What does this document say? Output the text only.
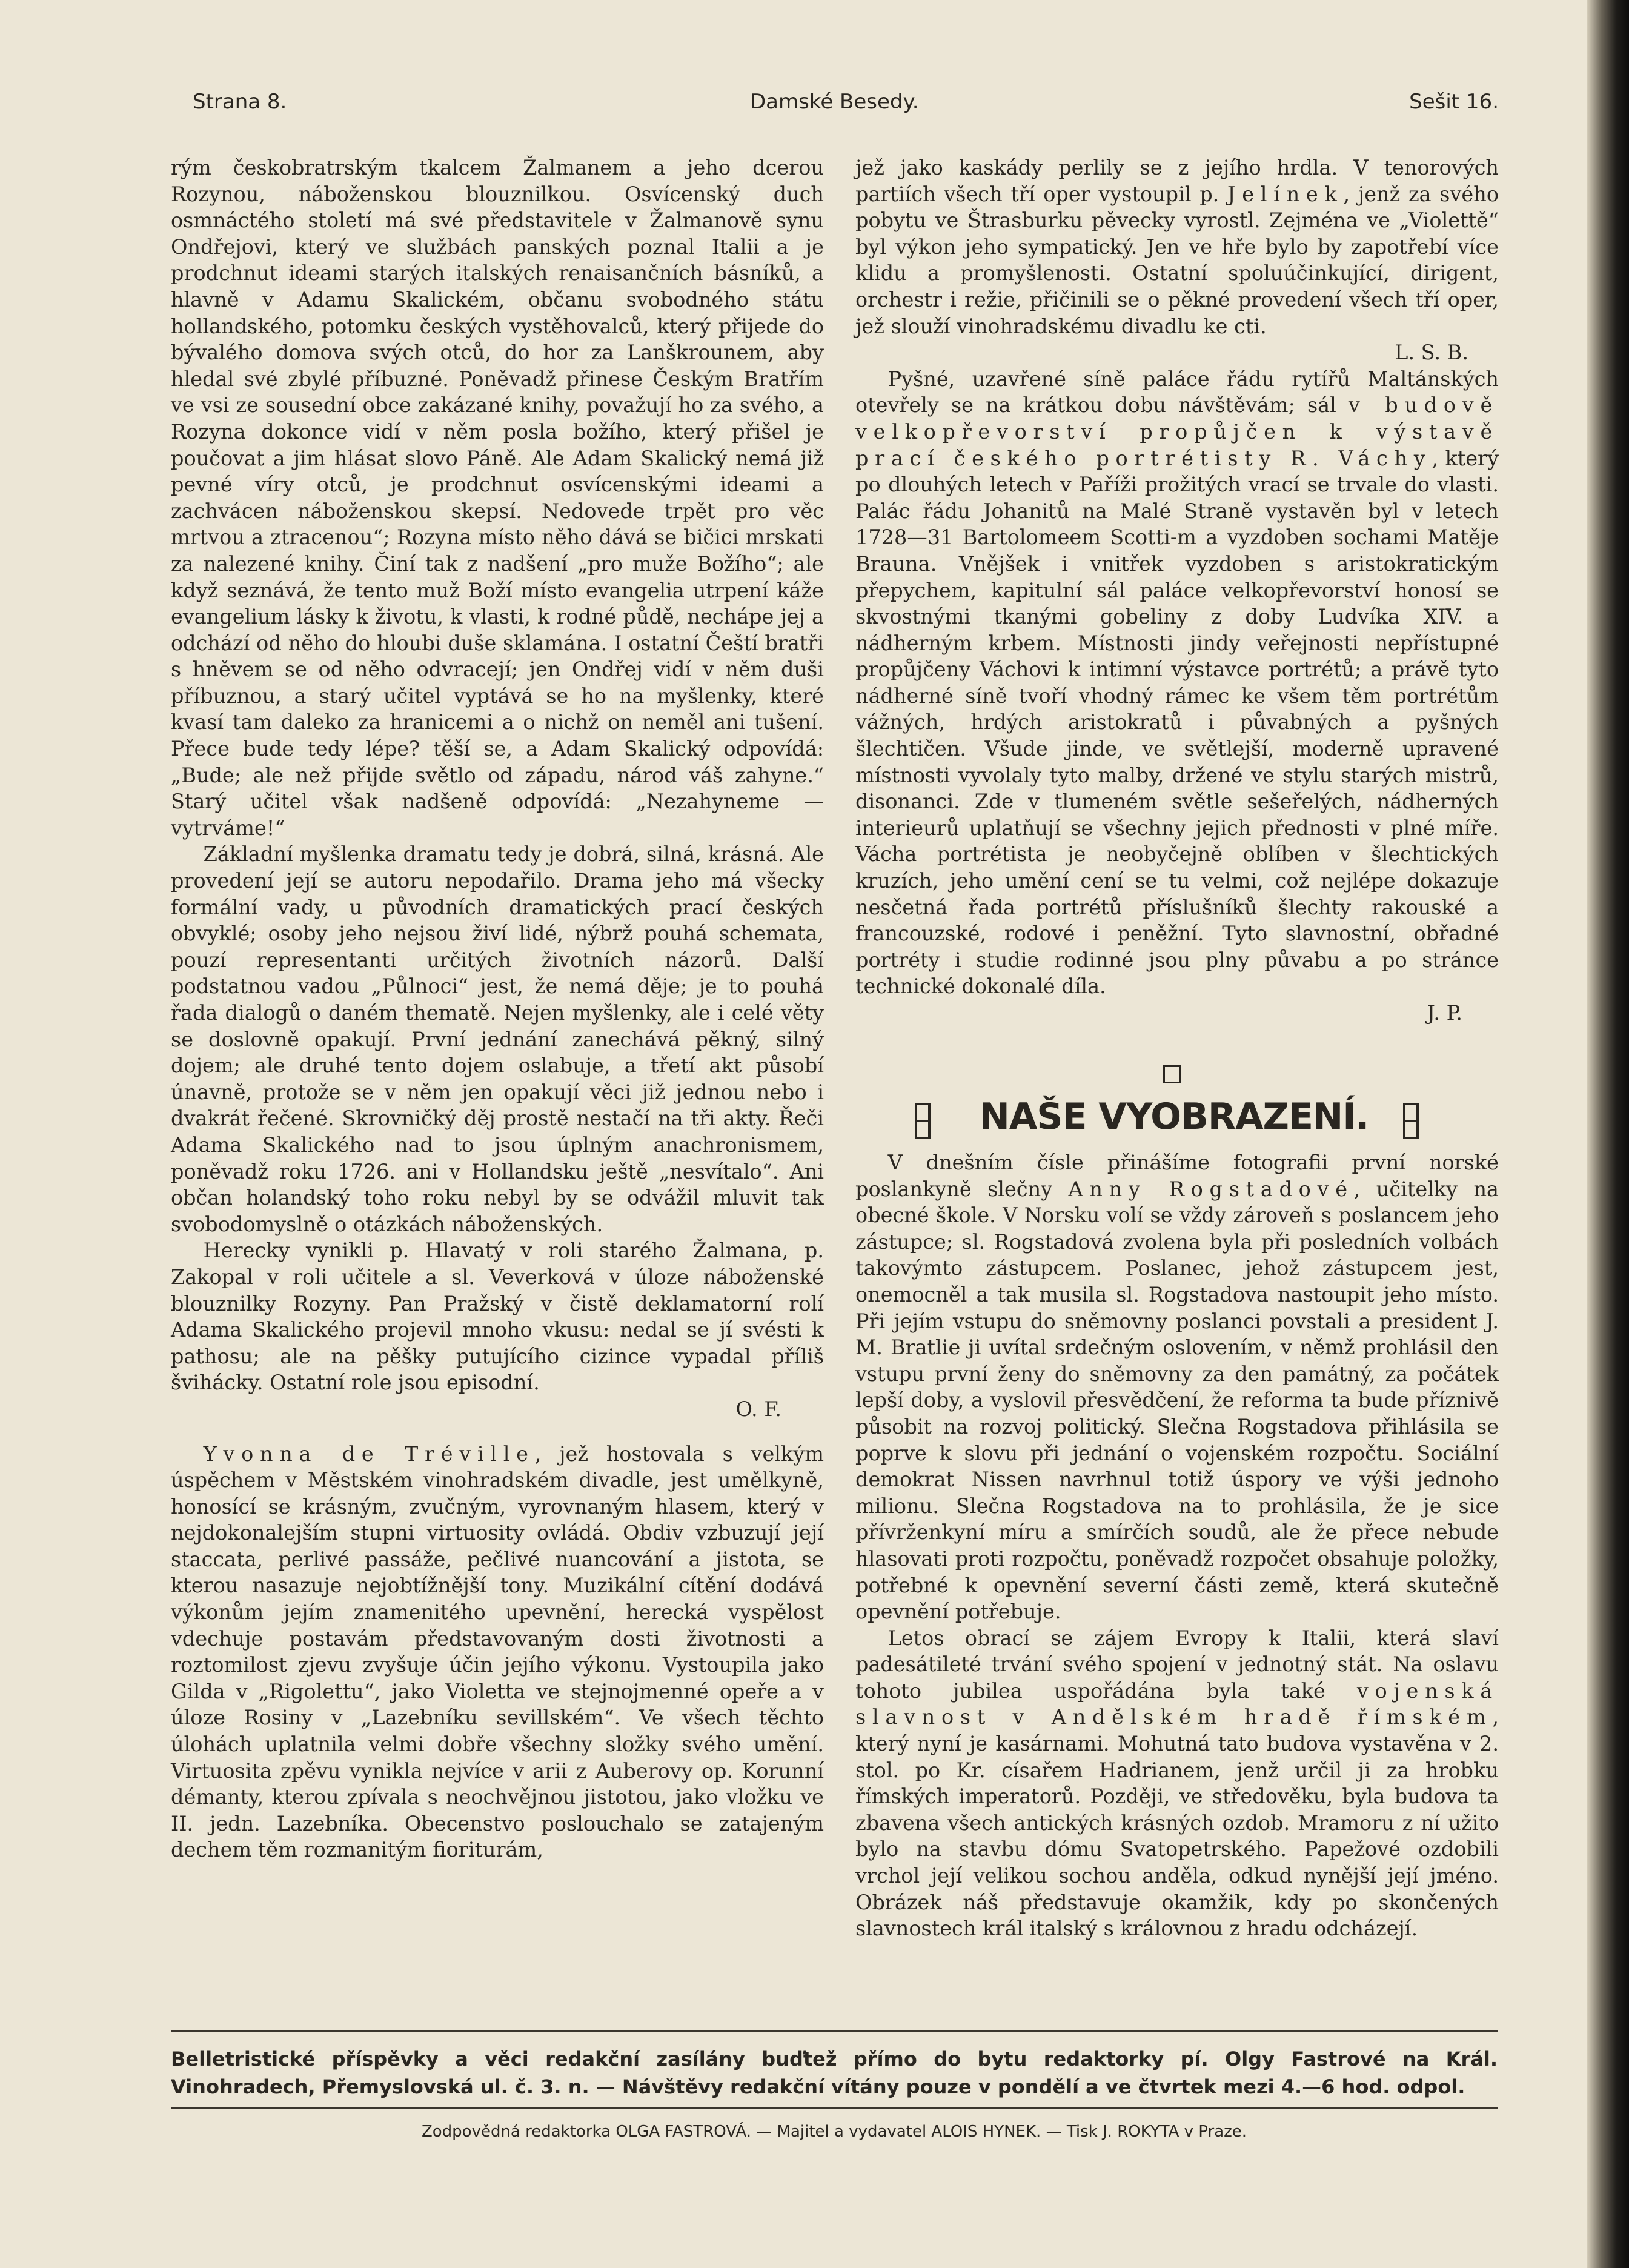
Strana 8.	Damské Besedy.	Sešit 16.

rým českobratrským tkalcem Žalmanem a jeho dcerou Rozynou, náboženskou blouznilkou. Osvícenský duch osmnáctého století má své představitele v Žalmanově synu Ondřejovi, který ve službách panských poznal Italii a je prodchnut ideami starých italských renaisančních básníků, a hlavně v Adamu Skalickém, občanu svobodného státu hollandského, potomku českých vystěhovalců, který přijede do bývalého domova svých otců, do hor za Lanškrounem, aby hledal své zbylé příbuzné. Poněvadž přinese Českým Bratřím ve vsi ze sousední obce zakázané knihy, považují ho za svého, a Rozyna dokonce vidí v něm posla božího, který přišel je poučovat a jim hlásat slovo Páně. Ale Adam Skalický nemá již pevné víry otců, je prodchnut osvícenskými ideami a zachvácen náboženskou skepsí. Nedovede trpět pro věc mrtvou a ztracenou“; Rozyna místo něho dává se bičici mrskati za nalezené knihy. Činí tak z nadšení „pro muže Božího“; ale když seznává, že tento muž Boží místo evangelia utrpení káže evangelium lásky k životu, k vlasti, k rodné půdě, nechápe jej a odchází od něho do hloubi duše sklamána. I ostatní Čeští bratři s hněvem se od něho odvracejí; jen Ondřej vidí v něm duši příbuznou, a starý učitel vyptává se ho na myšlenky, které kvasí tam daleko za hranicemi a o nichž on neměl ani tušení. Přece bude tedy lépe? těší se, a Adam Skalický odpovídá: „Bude; ale než přijde světlo od západu, národ váš zahyne.“ Starý učitel však nadšeně odpovídá: „Nezahyneme — vytrváme!“

Základní myšlenka dramatu tedy je dobrá, silná, krásná. Ale provedení její se autoru nepodařilo. Drama jeho má všecky formální vady, u původních dramatických prací českých obvyklé; osoby jeho nejsou živí lidé, nýbrž pouhá schemata, pouzí representanti určitých životních názorů. Další podstatnou vadou „Půlnoci“ jest, že nemá děje; je to pouhá řada dialogů o daném thematě. Nejen myšlenky, ale i celé věty se doslovně opakují. První jednání zanechává pěkný, silný dojem; ale druhé tento dojem oslabuje, a třetí akt působí únavně, protože se v něm jen opakují věci již jednou nebo i dvakrát řečené. Skrovničký děj prostě nestačí na tři akty. Řeči Adama Skalického nad to jsou úplným anachronismem, poněvadž roku 1726. ani v Hollandsku ještě „nesvítalo“. Ani občan holandský toho roku nebyl by se odvážil mluvit tak svobodomyslně o otázkách náboženských.

Herecky vynikli p. Hlavatý v roli starého Žalmana, p. Zakopal v roli učitele a sl. Veverková v úloze náboženské blouznilky Rozyny. Pan Pražský v čistě deklamatorní rolí Adama Skalického projevil mnoho vkusu: nedal se jí svésti k pathosu; ale na pěšky putujícího cizince vypadal příliš švihácky. Ostatní role jsou episodní.

O. F.

Yvonna de Tréville, jež hostovala s velkým úspěchem v Městském vinohradském divadle, jest umělkyně, honosící se krásným, zvučným, vyrovnaným hlasem, který v nejdokonalejším stupni virtuosity ovládá. Obdiv vzbuzují její staccata, perlivé passáže, pečlivé nuancování a jistota, se kterou nasazuje nejobtížnější tony. Muzikální cítění dodává výkonům jejím znamenitého upevnění, herecká vyspělost vdechuje postavám představovaným dosti životnosti a roztomilost zjevu zvyšuje účin jejího výkonu. Vystoupila jako Gilda v „Rigolettu“, jako Violetta ve stejnojmenné opeře a v úloze Rosiny v „Lazebníku sevillském“. Ve všech těchto úlohách uplatnila velmi dobře všechny složky svého umění. Virtuosita zpěvu vynikla nejvíce v arii z Auberovy op. Korunní démanty, kterou zpívala s neochvějnou jistotou, jako vložku ve II. jedn. Lazebníka. Obecenstvo poslouchalo se zatajeným dechem těm rozmanitým fioriturám,

jež jako kaskády perlily se z jejího hrdla. V tenorových partiích všech tří oper vystoupil p. Jelínek, jenž za svého pobytu ve Štrasburku pěvecky vyrostl. Zejména ve „Violettě“ byl výkon jeho sympatický. Jen ve hře bylo by zapotřebí více klidu a promyšlenosti. Ostatní spoluúčinkující, dirigent, orchestr i režie, přičinili se o pěkné provedení všech tří oper, jež slouží vinohradskému divadlu ke cti.

L. S. B.

Pyšné, uzavřené síně paláce řádu rytířů Maltánských otevřely se na krátkou dobu návštěvám; sál v budově velkopřevorství propůjčen k výstavě prací českého portrétisty R. Váchy, který po dlouhých letech v Paříži prožitých vrací se trvale do vlasti. Palác řádu Johanitů na Malé Straně vystavěn byl v letech 1728—31 Bartolomeem Scotti-m a vyzdoben sochami Matěje Brauna. Vnějšek i vnitřek vyzdoben s aristokratickým přepychem, kapitulní sál paláce velkopřevorství honosí se skvostnými tkanými gobeliny z doby Ludvíka XIV. a nádherným krbem. Místnosti jindy veřejnosti nepřístupné propůjčeny Váchovi k intimní výstavce portrétů; a právě tyto nádherné síně tvoří vhodný rámec ke všem těm portrétům vážných, hrdých aristokratů i půvabných a pyšných šlechtičen. Všude jinde, ve světlejší, moderně upravené místnosti vyvolaly tyto malby, držené ve stylu starých mistrů, disonanci. Zde v tlumeném světle sešeřelých, nádherných interieurů uplatňují se všechny jejich přednosti v plné míře. Vácha portrétista je neobyčejně oblíben v šlechtických kruzích, jeho umění cení se tu velmi, což nejlépe dokazuje nesčetná řada portrétů příslušníků šlechty rakouské a francouzské, rodové i peněžní. Tyto slavnostní, obřadné portréty i studie rodinné jsou plny půvabu a po stránce technické dokonalé díla.

J. P.
NAŠE VYOBRAZENÍ.

V dnešním čísle přinášíme fotografii první norské poslankyně slečny Anny Rogstadové, učitelky na obecné škole. V Norsku volí se vždy zároveň s poslancem jeho zástupce; sl. Rogstadová zvolena byla při posledních volbách takovýmto zástupcem. Poslanec, jehož zástupcem jest, onemocněl a tak musila sl. Rogstadova nastoupit jeho místo. Při jejím vstupu do sněmovny poslanci povstali a president J. M. Bratlie ji uvítal srdečným oslovením, v němž prohlásil den vstupu první ženy do sněmovny za den památný, za počátek lepší doby, a vyslovil přesvědčení, že reforma ta bude příznivě působit na rozvoj politický. Slečna Rogstadova přihlásila se poprve k slovu při jednání o vojenském rozpočtu. Sociální demokrat Nissen navrhnul totiž úspory ve výši jednoho milionu. Slečna Rogstadova na to prohlásila, že je sice přívrženkyní míru a smírčích soudů, ale že přece nebude hlasovati proti rozpočtu, poněvadž rozpočet obsahuje položky, potřebné k opevnění severní části země, která skutečně opevnění potřebuje.

Letos obrací se zájem Evropy k Italii, která slaví padesátileté trvání svého spojení v jednotný stát. Na oslavu tohoto jubilea uspořádána byla také vojenská slavnost v Andělském hradě římském, který nyní je kasárnami. Mohutná tato budova vystavěna v 2. stol. po Kr. císařem Hadrianem, jenž určil ji za hrobku římských imperatorů. Později, ve středověku, byla budova ta zbavena všech antických krásných ozdob. Mramoru z ní užito bylo na stavbu dómu Svatopetrského. Papežové ozdobili vrchol její velikou sochou anděla, odkud nynější její jméno. Obrázek náš představuje okamžik, kdy po skončených slavnostech král italský s královnou z hradu odcházejí.

Belletristické příspěvky a věci redakční zasílány buďtež přímo do bytu redaktorky pí. Olgy Fastrové na Král. Vinohradech, Přemyslovská ul. č. 3. n. — Návštěvy redakční vítány pouze v pondělí a ve čtvrtek mezi 4.—6 hod. odpol.
Zodpovědná redaktorka OLGA FASTROVÁ. — Majitel a vydavatel ALOIS HYNEK. — Tisk J. ROKYTA v Praze.
